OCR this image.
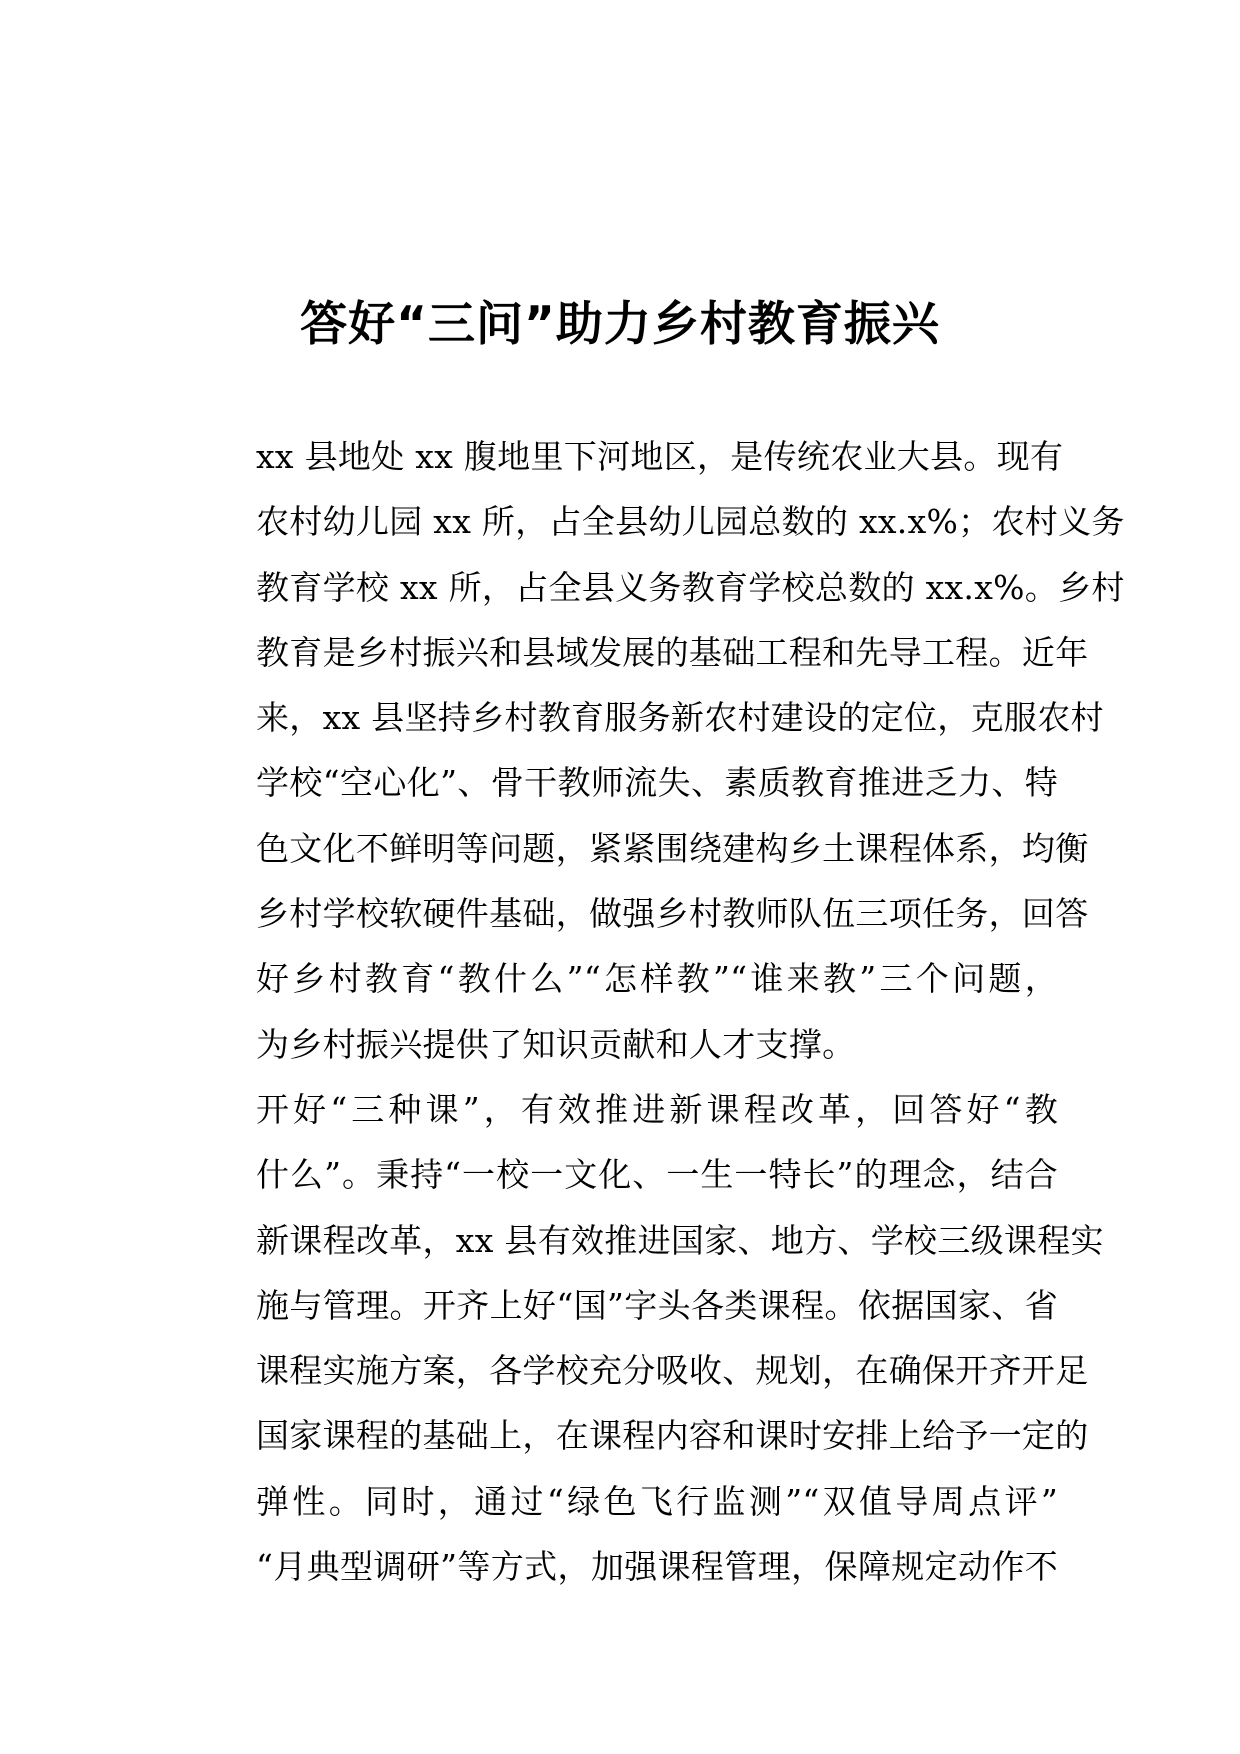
答好“三问”助力乡村教育振兴

xx 县地处 xx 腹地里下河地区，是传统农业大县。现有
农村幼儿园 xx 所，占全县幼儿园总数的 xx.x%；农村义务
教育学校 xx 所，占全县义务教育学校总数的 xx.x%。乡村
教育是乡村振兴和县域发展的基础工程和先导工程。近年
来，xx 县坚持乡村教育服务新农村建设的定位，克服农村
学校“空心化”、骨干教师流失、素质教育推进乏力、特
色文化不鲜明等问题，紧紧围绕建构乡土课程体系，均衡
乡村学校软硬件基础，做强乡村教师队伍三项任务，回答
好乡村教育“教什么”“怎样教”“谁来教”三个问题，
为乡村振兴提供了知识贡献和人才支撑。

开好“三种课”，有效推进新课程改革，回答好“教
什么”。秉持“一校一文化、一生一特长”的理念，结合
新课程改革，xx 县有效推进国家、地方、学校三级课程实
施与管理。开齐上好“国”字头各类课程。依据国家、省
课程实施方案，各学校充分吸收、规划，在确保开齐开足
国家课程的基础上，在课程内容和课时安排上给予一定的
弹性。同时，通过“绿色飞行监测”“双值导周点评”
“月典型调研”等方式，加强课程管理，保障规定动作不
